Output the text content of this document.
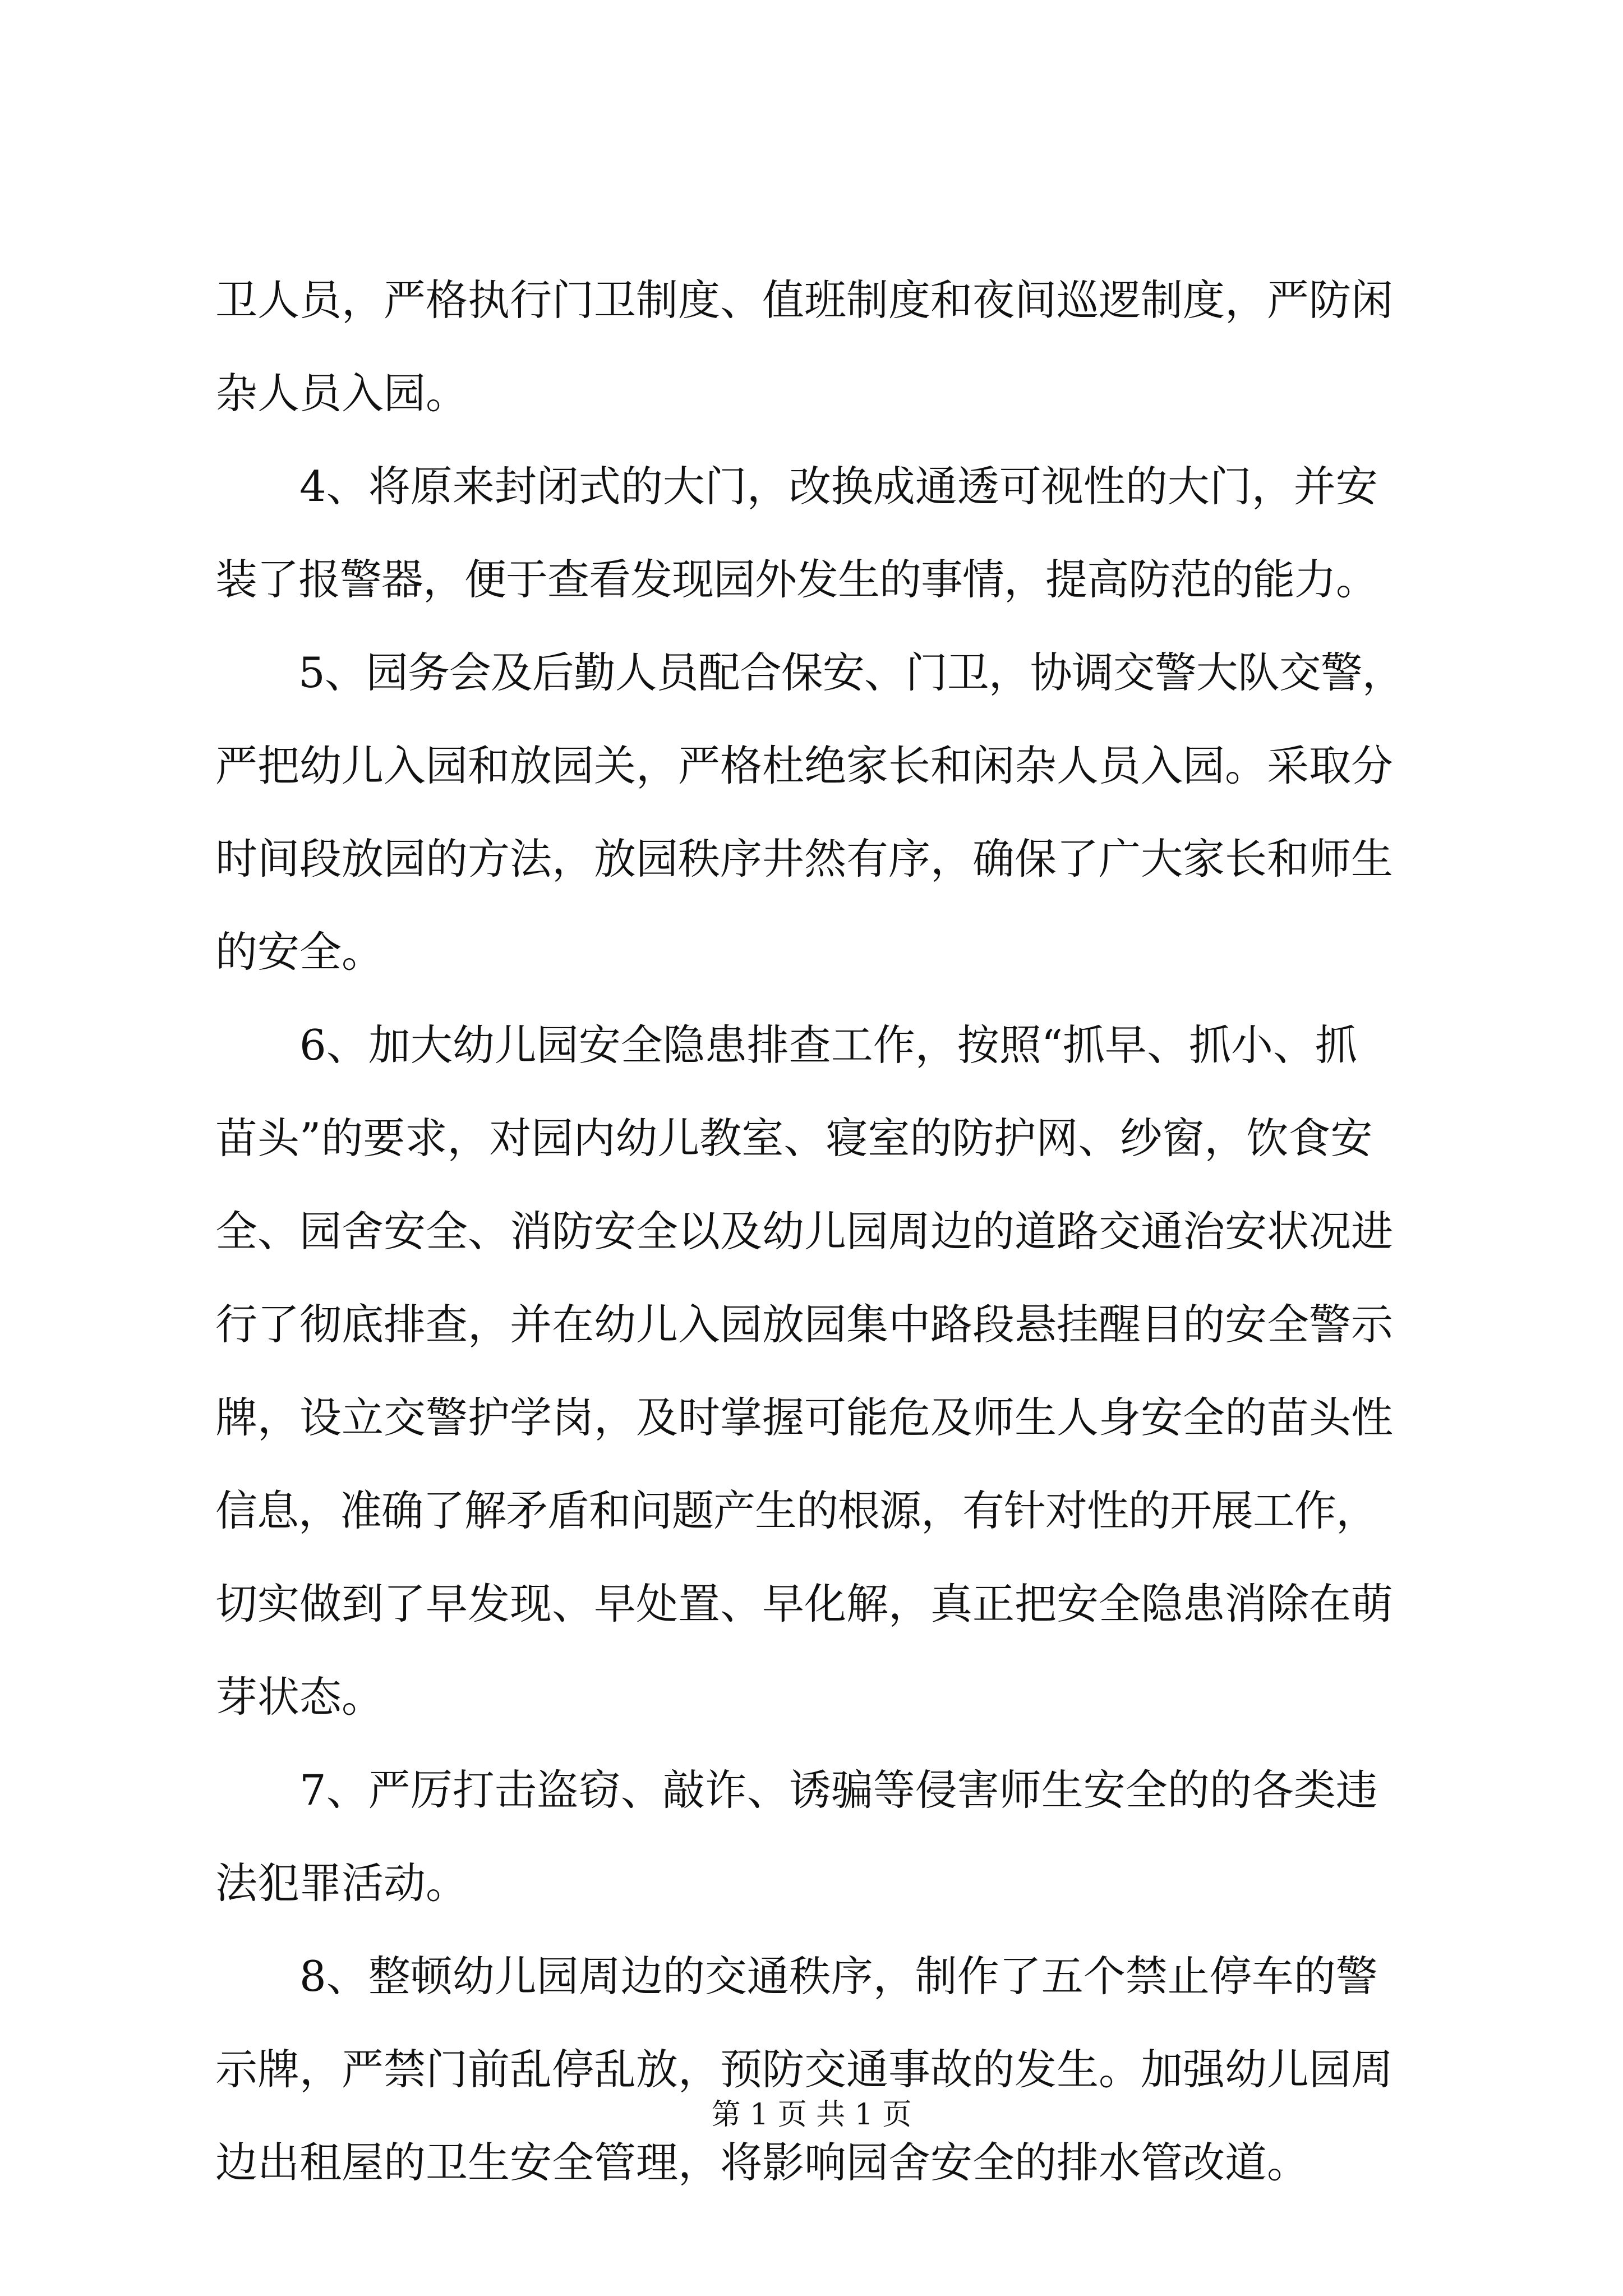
卫人员，严格执行门卫制度、值班制度和夜间巡逻制度，严防闲
杂人员入园。
　　4、将原来封闭式的大门，改换成通透可视性的大门，并安
装了报警器，便于查看发现园外发生的事情，提高防范的能力。
　　5、园务会及后勤人员配合保安、门卫，协调交警大队交警，
严把幼儿入园和放园关，严格杜绝家长和闲杂人员入园。采取分
时间段放园的方法，放园秩序井然有序，确保了广大家长和师生
的安全。
　　6、加大幼儿园安全隐患排查工作，按照“抓早、抓小、抓
苗头”的要求，对园内幼儿教室、寝室的防护网、纱窗，饮食安
全、园舍安全、消防安全以及幼儿园周边的道路交通治安状况进
行了彻底排查，并在幼儿入园放园集中路段悬挂醒目的安全警示
牌，设立交警护学岗，及时掌握可能危及师生人身安全的苗头性
信息，准确了解矛盾和问题产生的根源，有针对性的开展工作，
切实做到了早发现、早处置、早化解，真正把安全隐患消除在萌
芽状态。
　　7、严厉打击盗窃、敲诈、诱骗等侵害师生安全的的各类违
法犯罪活动。
　　8、整顿幼儿园周边的交通秩序，制作了五个禁止停车的警
示牌，严禁门前乱停乱放，预防交通事故的发生。加强幼儿园周
边出租屋的卫生安全管理，将影响园舍安全的排水管改道。
第 1 页 共 1 页
